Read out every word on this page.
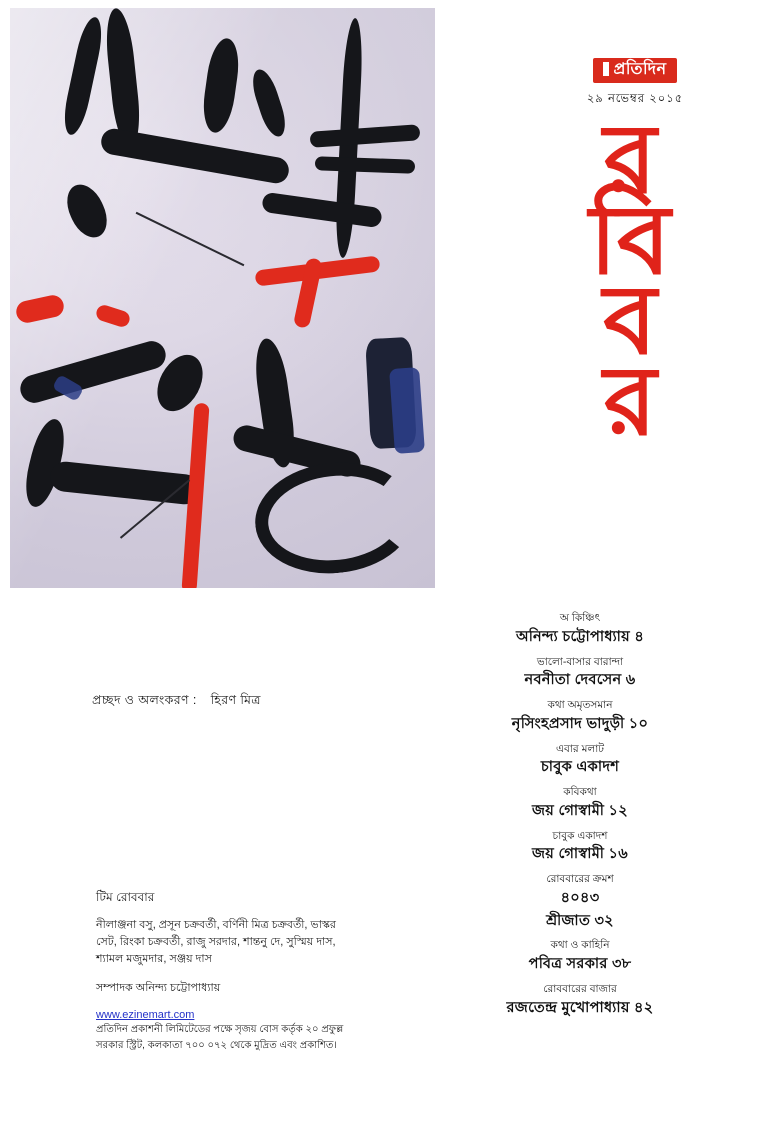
প্রতিদিন
২৯ নভেম্বর ২০১৫
র
বি
ব
র
প্রচ্ছদ ও অলংকরণ : হিরণ মিত্র
অ কিঞ্চিৎ
অনিন্দ্য চট্টোপাধ্যায় ৪
ভালো-বাসার বারান্দা
নবনীতা দেবসেন ৬
কথা অমৃতসমান
নৃসিংহপ্রসাদ ভাদুড়ী ১০
এবার মলাট
চাবুক একাদশ
কবিকথা
জয় গোস্বামী ১২
চাবুক একাদশ
জয় গোস্বামী ১৬
রোববারের ক্রমশ
৪০৪৩
শ্রীজাত ৩২
কথা ও কাহিনি
পবিত্র সরকার ৩৮
রোববারের বাজার
রজতেন্দ্র মুখোপাধ্যায় ৪২
টিম রোববার
নীলাঞ্জনা বসু, প্রসূন চক্রবর্তী, বর্ণিনী মিত্র চক্রবর্তী, ভাস্কর সেট, রিংকা চক্রবর্তী, রাজু সরদার, শান্তনু দে, সুস্মিয় দাস, শ্যামল মজুমদার, সঞ্জয় দাস
সম্পাদক অনিন্দ্য চট্টোপাধ্যায়
www.ezinemart.com
প্রতিদিন প্রকাশনী লিমিটেডের পক্ষে সৃজয় বোস কর্তৃক ২০ প্রফুল্ল সরকার স্ট্রিট, কলকাতা ৭০০ ০৭২ থেকে মুদ্রিত এবং প্রকাশিত।
